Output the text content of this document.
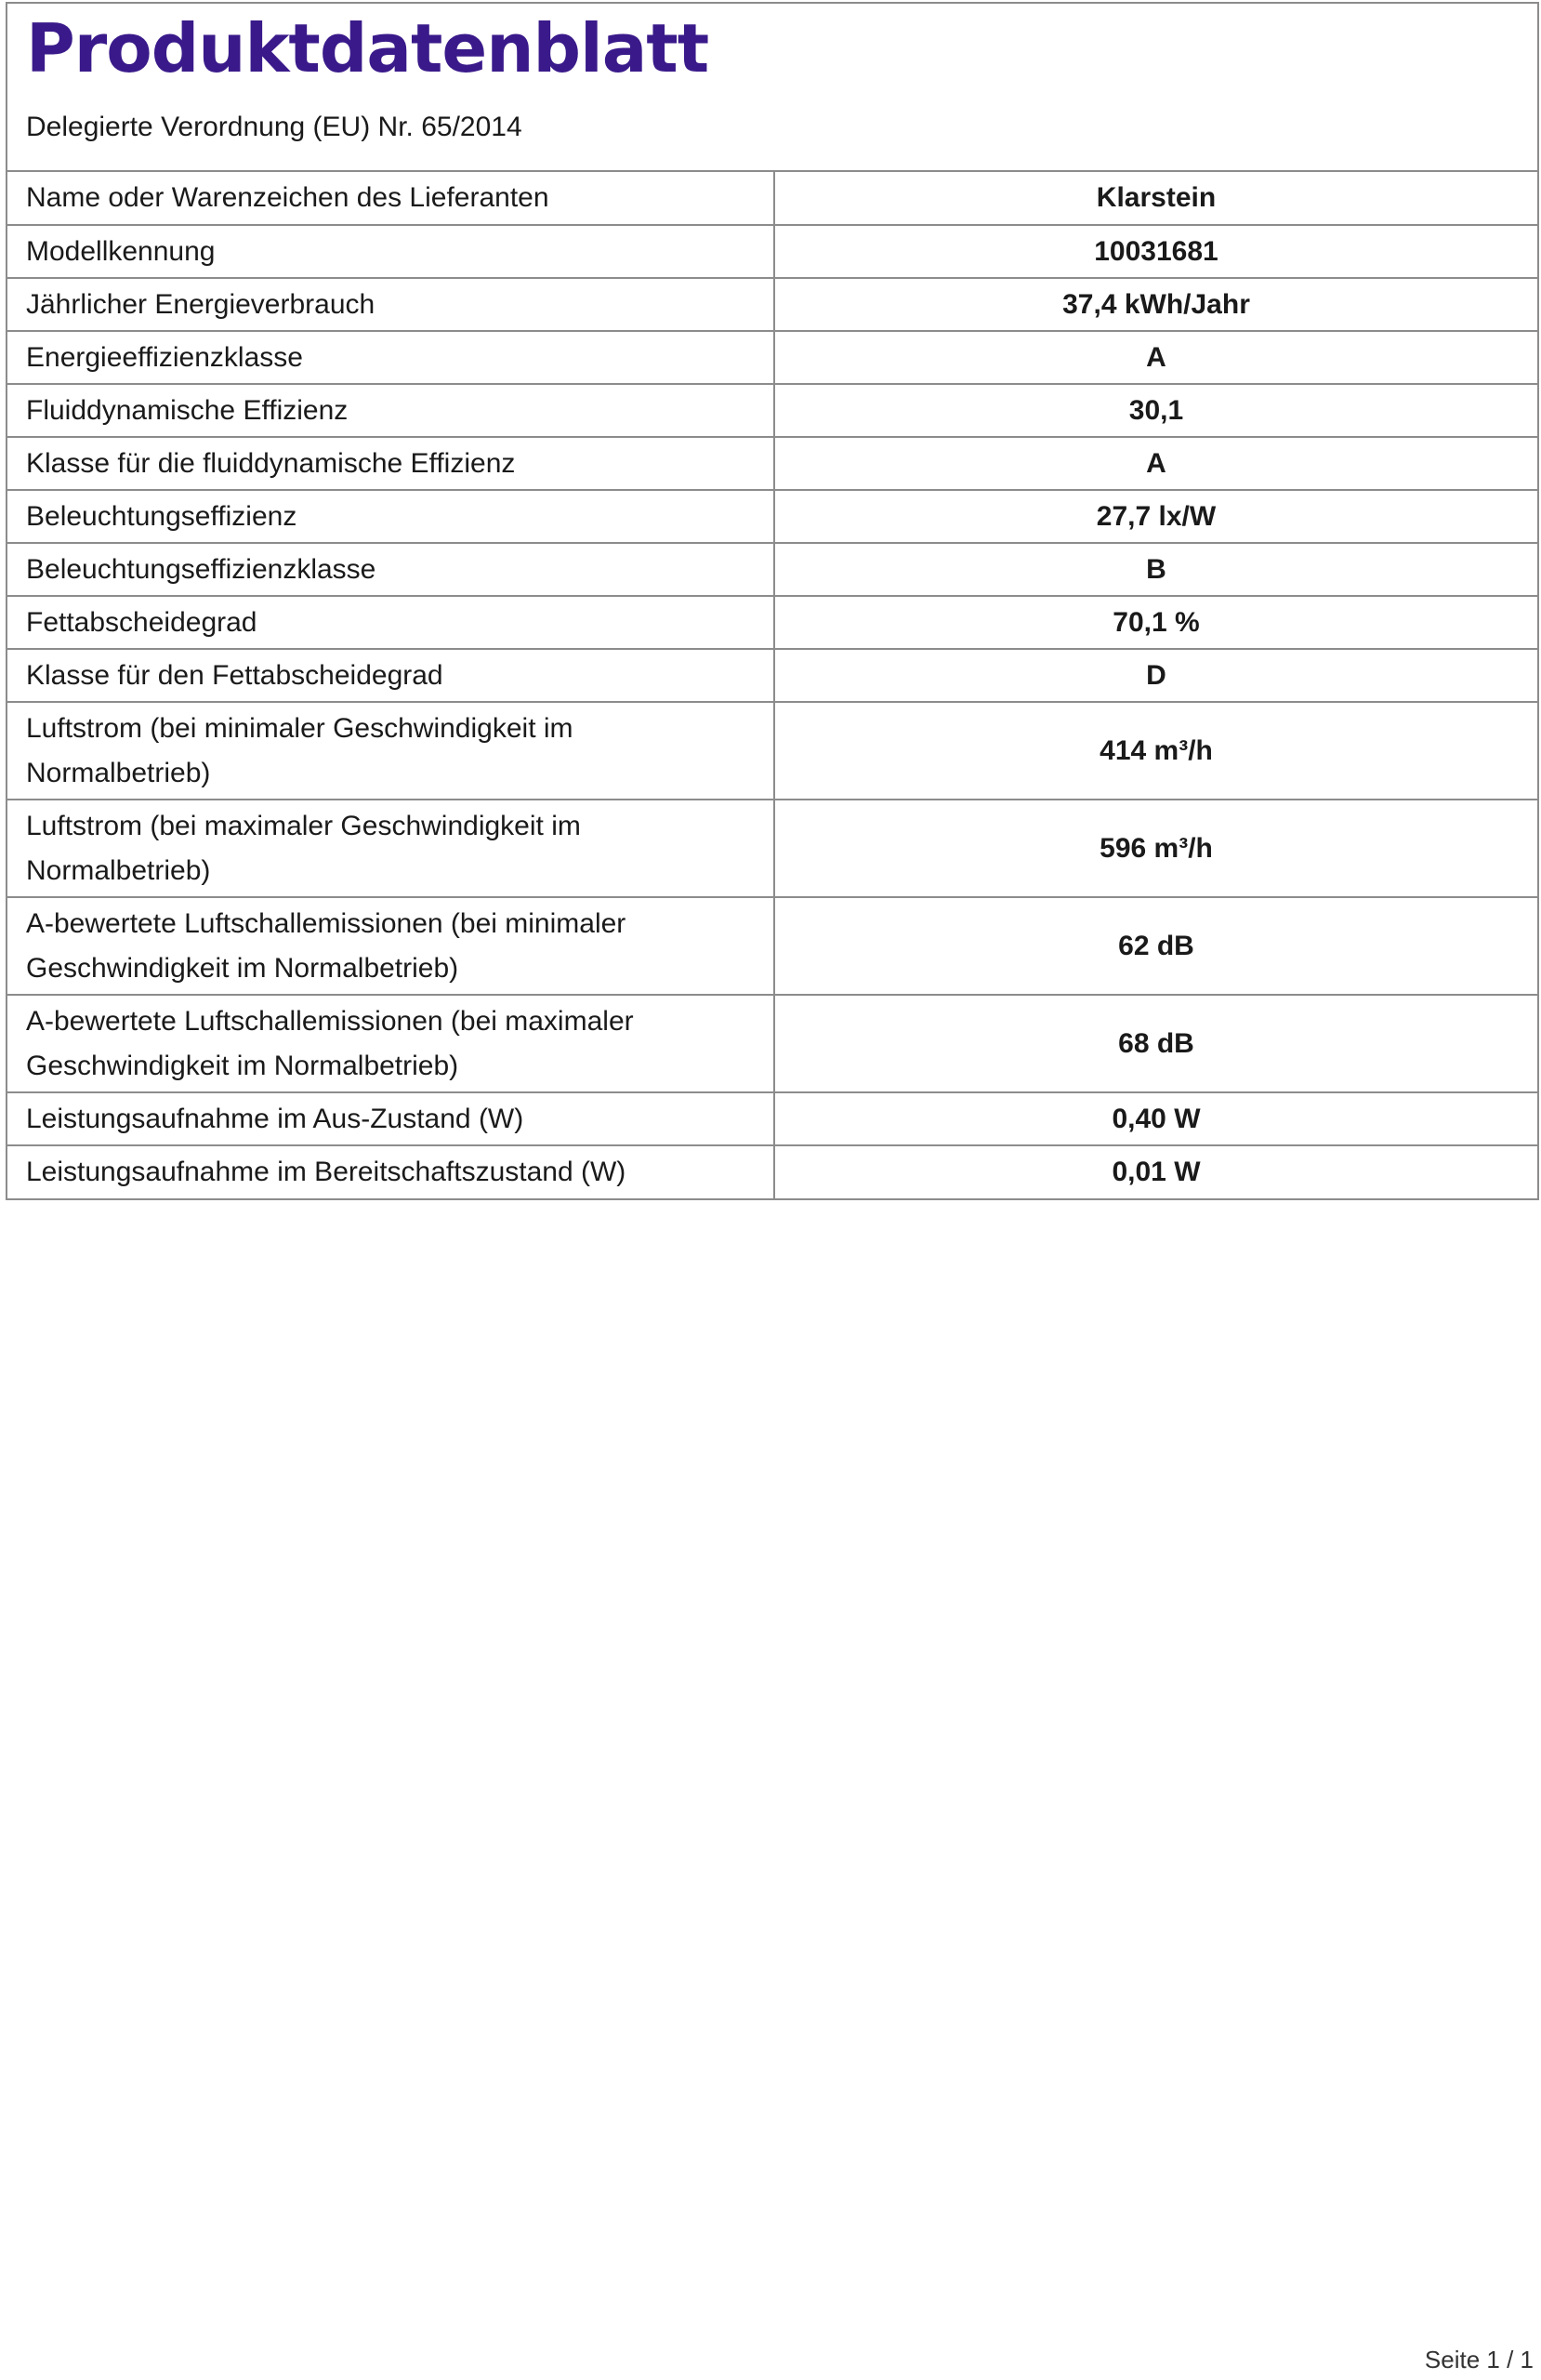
Produktdatenblatt
Delegierte Verordnung (EU) Nr. 65/2014
Name oder Warenzeichen des Lieferanten	Klarstein
Modellkennung	10031681
Jährlicher Energieverbrauch	37,4 kWh/Jahr
Energieeffizienzklasse	A
Fluiddynamische Effizienz	30,1
Klasse für die fluiddynamische Effizienz	A
Beleuchtungseffizienz	27,7 lx/W
Beleuchtungseffizienzklasse	B
Fettabscheidegrad	70,1 %
Klasse für den Fettabscheidegrad	D
Luftstrom (bei minimaler Geschwindigkeit im Normalbetrieb)	414 m³/h
Luftstrom (bei maximaler Geschwindigkeit im Normalbetrieb)	596 m³/h
A-bewertete Luftschallemissionen (bei minimaler Geschwindigkeit im Normalbetrieb)	62 dB
A-bewertete Luftschallemissionen (bei maximaler Geschwindigkeit im Normalbetrieb)	68 dB
Leistungsaufnahme im Aus-Zustand (W)	0,40 W
Leistungsaufnahme im Bereitschaftszustand (W)	0,01 W
Seite 1 / 1
